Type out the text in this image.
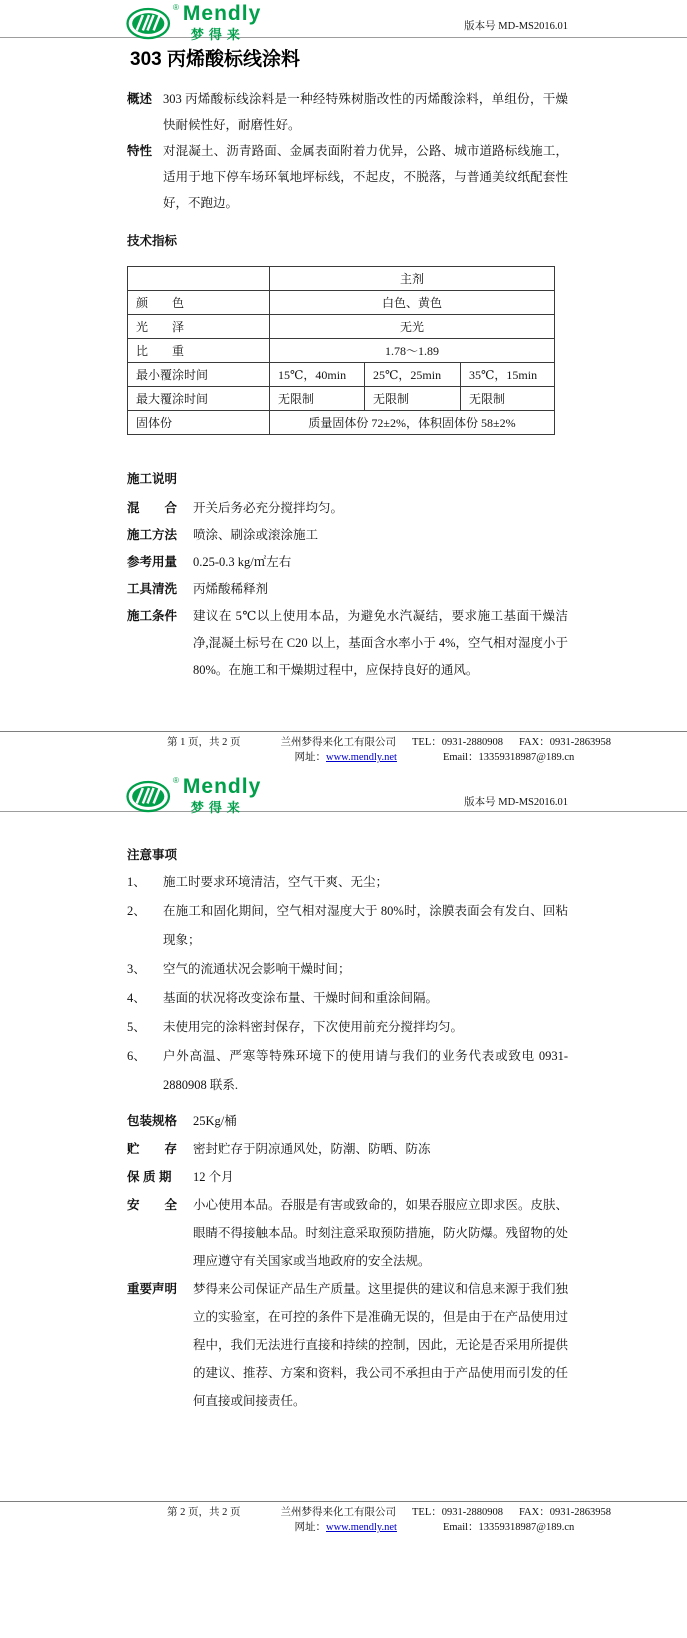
® Mendly
梦得来
版本号 MD-MS2016.01
303 丙烯酸标线涂料
概述 303 丙烯酸标线涂料是一种经特殊树脂改性的丙烯酸涂料，单组份，干燥快耐候性好，耐磨性好。
特性 对混凝土、沥青路面、金属表面附着力优异，公路、城市道路标线施工，适用于地下停车场环氧地坪标线，不起皮，不脱落，与普通美纹纸配套性好，不跑边。
技术指标
	主剂		
颜　　色	白色、黄色		
光　　泽	无光		
比　　重	1.78～1.89		
最小覆涂时间	15℃，40min	25℃，25min	35℃，15min
最大覆涂时间	无限制	无限制	无限制
固体份	质量固体份 72±2%，体积固体份 58±2%		
施工说明
混　　合	开关后务必充分搅拌均匀。
施工方法	喷涂、刷涂或滚涂施工
参考用量	0.25-0.3 kg/㎡左右
工具清洗	丙烯酸稀释剂
施工条件	建议在 5℃以上使用本品，为避免水汽凝结，要求施工基面干燥洁净,混凝土标号在 C20 以上，基面含水率小于 4%，空气相对湿度小于 80%。在施工和干燥期过程中，应保持良好的通风。
第 1 页，共 2 页	兰州梦得来化工有限公司 TEL：0931-2880908 FAX：0931-2863958
网址：www.mendly.net	Email：13359318987@189.cn
® Mendly
梦得来	版本号 MD-MS2016.01
注意事项
1、	施工时要求环境清洁，空气干爽、无尘；
2、	在施工和固化期间，空气相对湿度大于 80%时，涂膜表面会有发白、回粘现象；
3、	空气的流通状况会影响干燥时间；
4、	基面的状况将改变涂布量、干燥时间和重涂间隔。
5、	未使用完的涂料密封保存，下次使用前充分搅拌均匀。
6、	户外高温、严寒等特殊环境下的使用请与我们的业务代表或致电 0931-2880908 联系.
包装规格	25Kg/桶
贮　　存	密封贮存于阴凉通风处，防潮、防晒、防冻
保 质 期	12 个月
安　　全	小心使用本品。吞服是有害或致命的，如果吞服应立即求医。皮肤、眼睛不得接触本品。时刻注意采取预防措施，防火防爆。残留物的处理应遵守有关国家或当地政府的安全法规。
重要声明	梦得来公司保证产品生产质量。这里提供的建议和信息来源于我们独立的实验室，在可控的条件下是准确无误的，但是由于在产品使用过程中，我们无法进行直接和持续的控制，因此，无论是否采用所提供的建议、推荐、方案和资料，我公司不承担由于产品使用而引发的任何直接或间接责任。
第 2 页，共 2 页	兰州梦得来化工有限公司 TEL：0931-2880908 FAX：0931-2863958
网址：www.mendly.net	Email：13359318987@189.cn
